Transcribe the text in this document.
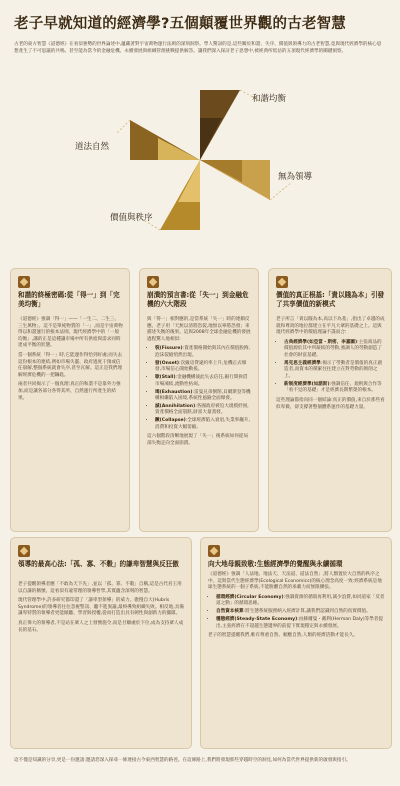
老子早就知道的經濟學?五個顛覆世界觀的古老智慧
古老的東方智慧《道德經》在看似強勢的世界論述中,蘊藏著對宇宙萬物運行法則的深刻洞察。學人驚訝的是,這些關於和諧、失序、價值與領導力的古老智慧,竟與現代經濟學的核心思想產生了不可思議的共鳴。甚至能為當今的金融危機、永續發展與組織管理挑戰提供解答。讓我們深入探討老子思想中,被經典所低估的五項現代經濟學的關鍵洞察。
和諧均衡
道法自然
無為領導
價值與秩序
和諧的終極密碼:從「得一」到「完美均衡」

《道德經》強調「得一」——「一生二、二生三、三生萬物」。這不是單純物質的「一」,而是宇宙萬物得以和諧運行的根本法則。現代經濟學中的「一般均衡」,講的正是這種讓市場中所有供給與需求同時達成平衡的狀態。

當一個系統「得一」時,它能運作得恰到好處;而失去這份根本的連結,例如市場失靈、政府過度干預或信任崩解,整個系統就會失序,甚至瓦解。這正是我們理解經濟危機的一把鑰匙。

兩者共同揭示了一個真理:真正的和諧不是靠外力強加,而是讓各部分各得其所、自然運行所產生的結果。

崩潰的預言書:從「失一」到金融危機的六大階段

與「得一」相對應的,是當系統「失一」時的連鎖反應。老子用「天無以清將恐裂,地無以寧將恐發」來描述失衡的後果。這與2008年全球金融危機的發展過程驚人地相似:

• 裂(Fissure):資產價格開始與其內在價值脫鉤,泡沫裂縫悄然出現。
• 發(Onset):次級房貸違約率上升,危機正式爆發,市場信心開始動搖。
• 歇(Stall):金融機構彼此失去信任,銀行間拆借市場凍結,流動性枯竭。
• 竭(Exhaustion):雷曼兄弟倒閉,貝爾斯登等機構相繼陷入困境,系統性風險全面爆發。
• 滅(Annihilation):各國政府被迫大規模紓困,資產價格全面崩跌,財富大量蒸發。
• 蹶(Collapse):全球經濟陷入衰退,失業率飆升,消費和投資大幅萎縮。

這六個階段清晰地展現了「失一」後系統如何從局部失衡走向全面崩潰。

價值的真正根基:「貴以賤為本」引發了共享價值的新模式

老子所言「貴以賤為本,高以下為基」,指出了卓越的成就和尊貴的地位都建立在平凡大眾的基礎之上。這與現代經濟學中的價值理論不謀而合:

• 古典經濟學(如亞當・斯密、李嘉圖):主張商品的價值源於其中所凝結的勞動,強調人的勞動創造了社會的財富基礎。
• 馬克思主義經濟學:揭示了勞動者是價值的真正創造者,而資本的積累往往建立在對勞動的剝削之上。
• 新制度經濟學(如諾斯):強調信任、規則與合作等「看不見的基礎」才是經濟長期繁榮的根本。

這些理論都指向同一個結論:真正的價值,來自於那些看似卑微、卻支撐著整個體系運作的基礎力量。

領導的最高心法:「孤、寡、不穀」的謙卑智慧與反狂傲

老子提醒領導者應「不敢為天下先」,並以「孤、寡、不穀」自稱,這是古代君王用以自謙的稱號。這看似有違常理的領導哲學,其實蘊含深刻的智慧。

現代管理學中,許多研究都印證了「謙卑型領導」的威力。傲慢自大(Hubris Syndrome)的領導者往往忽視警訊、聽不進異議,最終導致組織失敗。相反地,具備謙卑特質的領導者更能傾聽、學習與授權,從而打造出具有韌性與創新力的團隊。

真正偉大的領導者,不是站在眾人之上發號施令,而是甘願處於下位,成為支持眾人成長的基石。

向大地母親致敬:生態經濟學的覺醒與永續循環

《道德經》強調「人法地、地法天、天法道、道法自然」,將人類置於大自然的秩序之中。這與當代生態經濟學(Ecological Economics)的核心理念高度一致:經濟系統是地球生態系統的一個子系統,不能脫離自然的承載力而無限擴張。

• 循環經濟(Circular Economy):強調資源的循環再利用,減少浪費,如同道家「反者道之動」的循環思維。
• 自然資本核算:將生態系統服務納入經濟計算,讓我們認識到自然的真實價值。
• 穩態經濟(Steady-State Economy):由赫爾曼・戴利(Herman Daly)等學者提出,主張經濟在不超越生態邊界的前提下實現穩定與永續發展。

老子的智慧提醒我們,唯有尊重自然、順應自然,人類的經濟活動才能長久。

這不僅是知識的分享,更是一份邀請:邀請您深入探尋一條連接古今東西智慧的路徑。在這條路上,我們將發現那些穿越時空的洞見,如何為當代世界提供新的啟發與指引。
